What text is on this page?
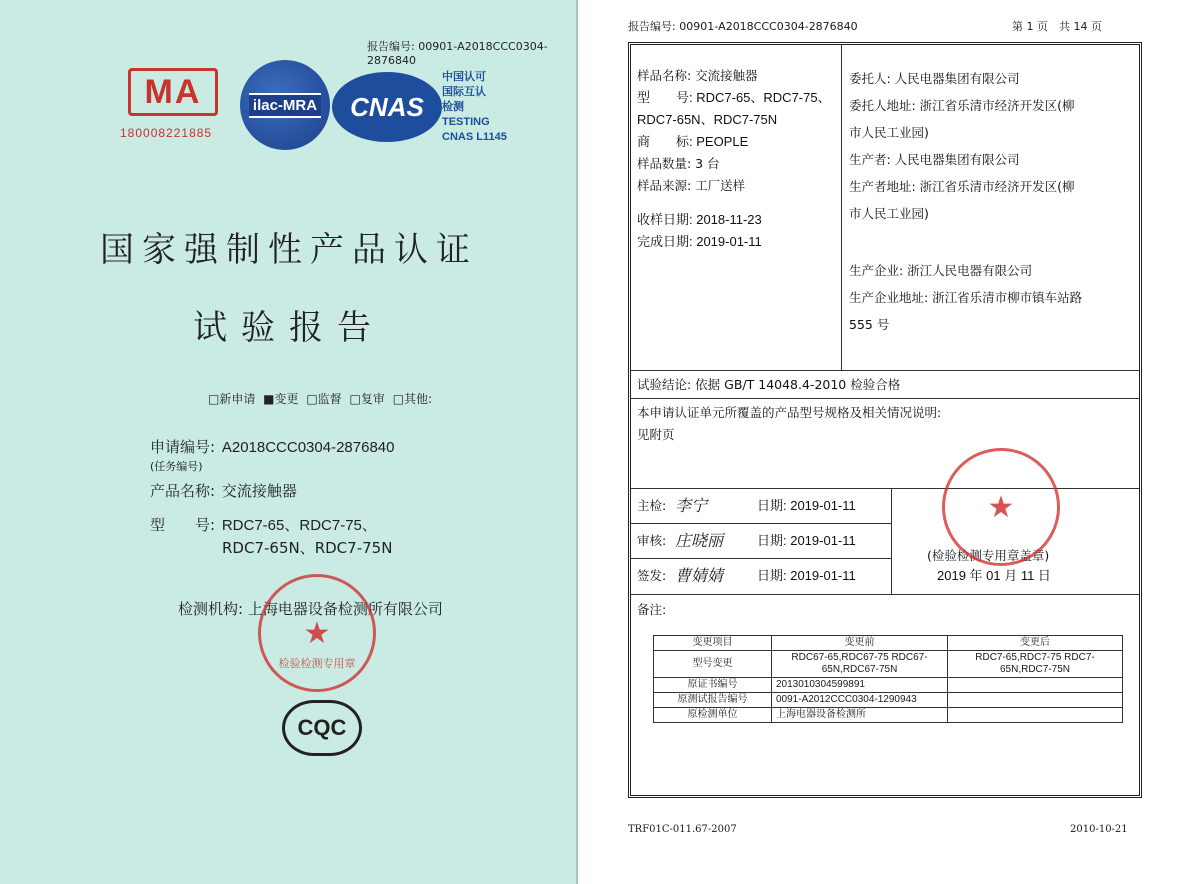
报告编号: 00901-A2018CCC0304-2876840
MA
180008221885
ilac-MRA	CNAS
中国认可
国际互认
检测
TESTING
CNAS L1145
国家强制性产品认证
试验报告
□新申请 ■变更 □监督 □复审 □其他:
申请编号: A2018CCC0304-2876840
(任务编号)
产品名称: 交流接触器
型　　号: RDC7-65、RDC7-75、
RDC7-65N、RDC7-75N
检测机构: 上海电器设备检测所有限公司
★
检验检测专用章
CQC
报告编号: 00901-A2018CCC0304-2876840	第 1 页　共 14 页
样品名称: 交流接触器
型　　号: RDC7-65、RDC7-75、
RDC7-65N、RDC7-75N
商　　标: PEOPLE
样品数量: 3 台
样品来源: 工厂送样
收样日期: 2018-11-23
完成日期: 2019-01-11
委托人: 人民电器集团有限公司
委托人地址: 浙江省乐清市经济开发区(柳
市人民工业园)
生产者: 人民电器集团有限公司
生产者地址: 浙江省乐清市经济开发区(柳
市人民工业园)
生产企业: 浙江人民电器有限公司
生产企业地址: 浙江省乐清市柳市镇车站路
555 号
试验结论: 依据 GB/T 14048.4-2010 检验合格
本申请认证单元所覆盖的产品型号规格及相关情况说明:
见附页
主检: 李宁	日期: 2019-01-11
审核: 庄晓丽	日期: 2019-01-11
签发: 曹婧婧	日期: 2019-01-11
(检验检测专用章盖章)
2019 年 01 月 11 日
备注:
变更项目	变更前	变更后
型号变更	RDC67-65,RDC67-75 RDC67-65N,RDC67-75N	RDC7-65,RDC7-75 RDC7-65N,RDC7-75N
原证书编号	2013010304599891	
原测试报告编号	0091-A2012CCC0304-1290943	
原检测单位	上海电器设备检测所	
★
TRF01C-011.67-2007	2010-10-21
